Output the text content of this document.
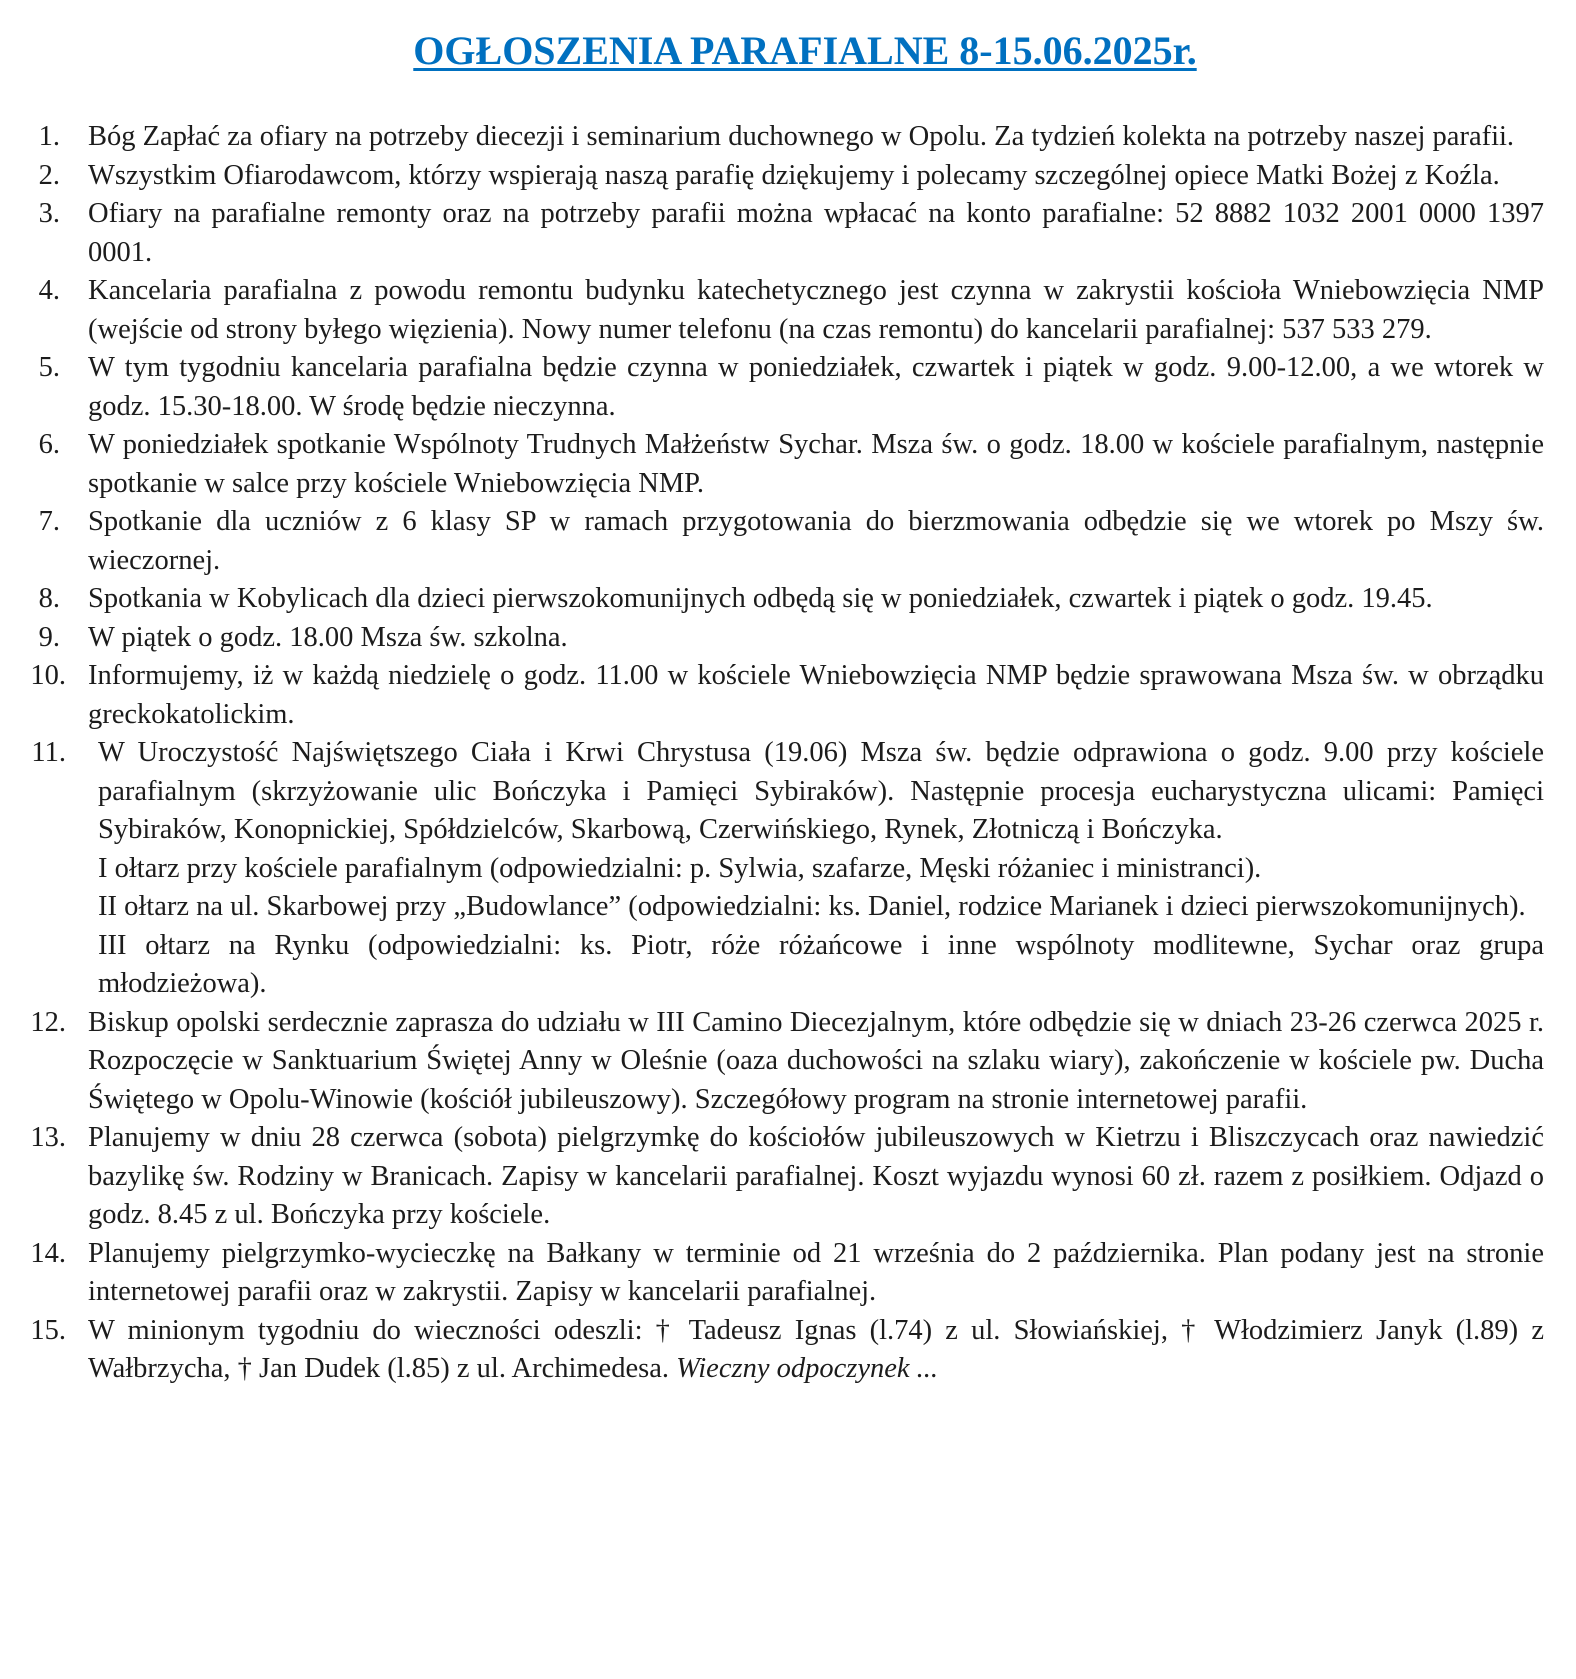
OGŁOSZENIA PARAFIALNE 8-15.06.2025r.
1. Bóg Zapłać za ofiary na potrzeby diecezji i seminarium duchownego w Opolu. Za tydzień kolekta na potrzeby naszej parafii.
2. Wszystkim Ofiarodawcom, którzy wspierają naszą parafię dziękujemy i polecamy szczególnej opiece Matki Bożej z Koźla.
3. Ofiary na parafialne remonty oraz na potrzeby parafii można wpłacać na konto parafialne: 52 8882 1032 2001 0000 1397 0001.
4. Kancelaria parafialna z powodu remontu budynku katechetycznego jest czynna w zakrystii kościoła Wniebowzięcia NMP (wejście od strony byłego więzienia). Nowy numer telefonu (na czas remontu) do kancelarii parafialnej: 537 533 279.
5. W tym tygodniu kancelaria parafialna będzie czynna w poniedziałek, czwartek i piątek w godz. 9.00-12.00, a we wtorek w godz. 15.30-18.00. W środę będzie nieczynna.
6. W poniedziałek spotkanie Wspólnoty Trudnych Małżeństw Sychar. Msza św. o godz. 18.00 w kościele parafialnym, następnie spotkanie w salce przy kościele Wniebowzięcia NMP.
7. Spotkanie dla uczniów z 6 klasy SP w ramach przygotowania do bierzmowania odbędzie się we wtorek po Mszy św. wieczornej.
8. Spotkania w Kobylicach dla dzieci pierwszokomunijnych odbędą się w poniedziałek, czwartek i piątek o godz. 19.45.
9. W piątek o godz. 18.00 Msza św. szkolna.
10. Informujemy, iż w każdą niedzielę o godz. 11.00 w kościele Wniebowzięcia NMP będzie sprawowana Msza św. w obrządku greckokatolickim.
11. W Uroczystość Najświętszego Ciała i Krwi Chrystusa (19.06) Msza św. będzie odprawiona o godz. 9.00 przy kościele parafialnym (skrzyżowanie ulic Bończyka i Pamięci Sybiraków). Następnie procesja eucharystyczna ulicami: Pamięci Sybiraków, Konopnickiej, Spółdzielców, Skarbową, Czerwińskiego, Rynek, Złotniczą i Bończyka.
I ołtarz przy kościele parafialnym (odpowiedzialni: p. Sylwia, szafarze, Męski różaniec i ministranci).
II ołtarz na ul. Skarbowej przy „Budowlance” (odpowiedzialni: ks. Daniel, rodzice Marianek i dzieci pierwszokomunijnych).
III ołtarz na Rynku (odpowiedzialni: ks. Piotr, róże różańcowe i inne wspólnoty modlitewne, Sychar oraz grupa młodzieżowa).
12. Biskup opolski serdecznie zaprasza do udziału w III Camino Diecezjalnym, które odbędzie się w dniach 23-26 czerwca 2025 r. Rozpoczęcie w Sanktuarium Świętej Anny w Oleśnie (oaza duchowości na szlaku wiary), zakończenie w kościele pw. Ducha Świętego w Opolu-Winowie (kościół jubileuszowy). Szczegółowy program na stronie internetowej parafii.
13. Planujemy w dniu 28 czerwca (sobota) pielgrzymkę do kościołów jubileuszowych w Kietrzu i Bliszczycach oraz nawiedzić bazylikę św. Rodziny w Branicach. Zapisy w kancelarii parafialnej. Koszt wyjazdu wynosi 60 zł. razem z posiłkiem. Odjazd o godz. 8.45 z ul. Bończyka przy kościele.
14. Planujemy pielgrzymko-wycieczkę na Bałkany w terminie od 21 września do 2 października. Plan podany jest na stronie internetowej parafii oraz w zakrystii. Zapisy w kancelarii parafialnej.
15. W minionym tygodniu do wieczności odeszli: † Tadeusz Ignas (l.74) z ul. Słowiańskiej, † Włodzimierz Janyk (l.89) z Wałbrzycha, † Jan Dudek (l.85) z ul. Archimedesa. Wieczny odpoczynek ...
